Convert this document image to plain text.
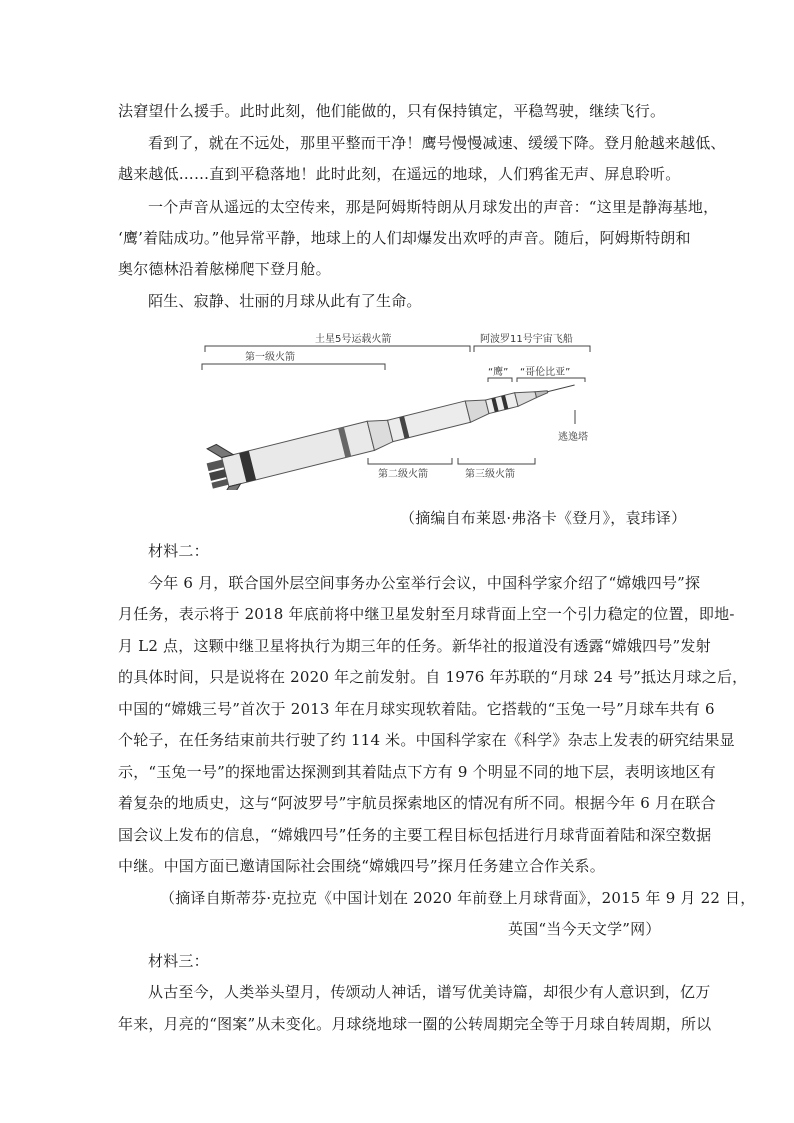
法窘望什么援手。此时此刻，他们能做的，只有保持镇定，平稳驾驶，继续飞行。
看到了，就在不远处，那里平整而干净！鹰号慢慢减速、缓缓下降。登月舱越来越低、
越来越低……直到平稳落地！此时此刻，在遥远的地球，人们鸦雀无声、屏息聆听。
一个声音从遥远的太空传来，那是阿姆斯特朗从月球发出的声音：“这里是静海基地，
‘鹰’着陆成功。”他异常平静，地球上的人们却爆发出欢呼的声音。随后，阿姆斯特朗和
奥尔德林沿着舷梯爬下登月舱。
陌生、寂静、壮丽的月球从此有了生命。
土星5号运载火箭	阿波罗11号宇宙飞船
第一级火箭
“鹰” “哥伦比亚”
第二级火箭	第三级火箭
逃逸塔
（摘编自布莱恩·弗洛卡《登月》，袁玮译）
材料二：
今年 6 月，联合国外层空间事务办公室举行会议，中国科学家介绍了“嫦娥四号”探
月任务，表示将于 2018 年底前将中继卫星发射至月球背面上空一个引力稳定的位置，即地-
月 L2 点，这颗中继卫星将执行为期三年的任务。新华社的报道没有透露“嫦娥四号”发射
的具体时间，只是说将在 2020 年之前发射。自 1976 年苏联的“月球 24 号”抵达月球之后，
中国的“嫦娥三号”首次于 2013 年在月球实现软着陆。它搭载的“玉兔一号”月球车共有 6
个轮子，在任务结束前共行驶了约 114 米。中国科学家在《科学》杂志上发表的研究结果显
示，“玉兔一号”的探地雷达探测到其着陆点下方有 9 个明显不同的地下层，表明该地区有
着复杂的地质史，这与“阿波罗号”宇航员探索地区的情况有所不同。根据今年 6 月在联合
国会议上发布的信息，“嫦娥四号”任务的主要工程目标包括进行月球背面着陆和深空数据
中继。中国方面已邀请国际社会围绕“嫦娥四号”探月任务建立合作关系。
（摘译自斯蒂芬·克拉克《中国计划在 2020 年前登上月球背面》，2015 年 9 月 22 日，
英国“当今天文学”网）
材料三：
从古至今，人类举头望月，传颂动人神话，谱写优美诗篇，却很少有人意识到，亿万
年来，月亮的“图案”从未变化。月球绕地球一圈的公转周期完全等于月球自转周期，所以
